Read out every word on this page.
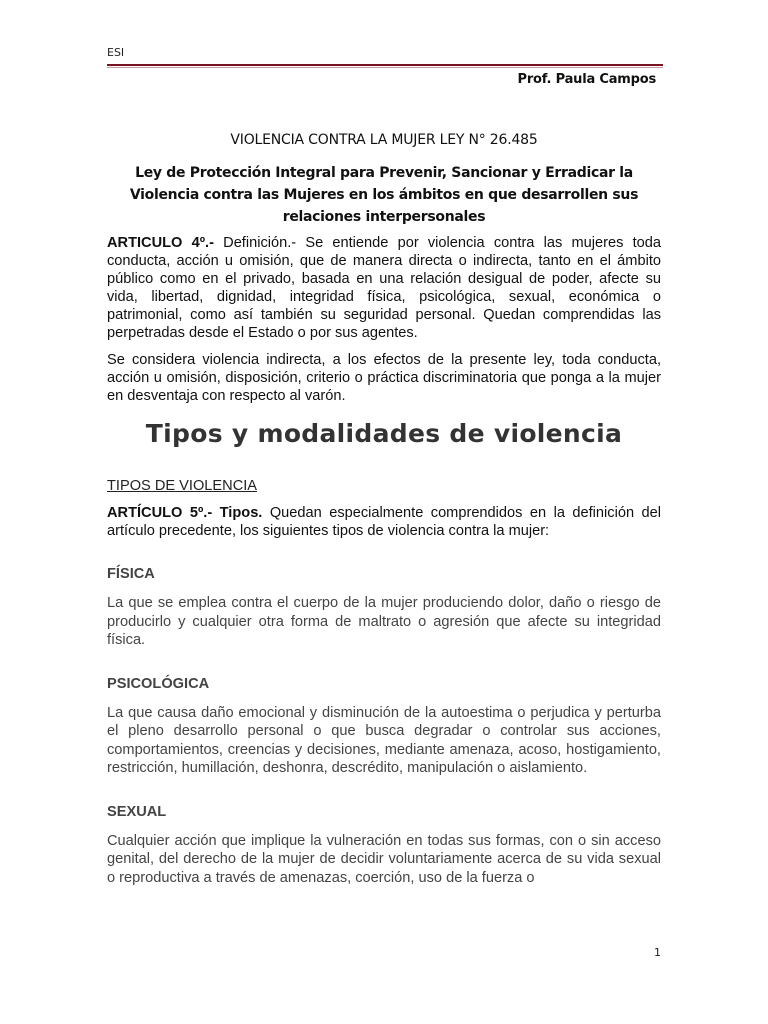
ESI
Prof. Paula Campos
VIOLENCIA CONTRA LA MUJER LEY N° 26.485
Ley de Protección Integral para Prevenir, Sancionar y Erradicar la Violencia contra las Mujeres en los ámbitos en que desarrollen sus relaciones interpersonales

ARTICULO 4º.- Definición.- Se entiende por violencia contra las mujeres toda conducta, acción u omisión, que de manera directa o indirecta, tanto en el ámbito público como en el privado, basada en una relación desigual de poder, afecte su vida, libertad, dignidad, integridad física, psicológica, sexual, económica o patrimonial, como así también su seguridad personal. Quedan comprendidas las perpetradas desde el Estado o por sus agentes.

Se considera violencia indirecta, a los efectos de la presente ley, toda conducta, acción u omisión, disposición, criterio o práctica discriminatoria que ponga a la mujer en desventaja con respecto al varón.

Tipos y modalidades de violencia
TIPOS DE VIOLENCIA

ARTÍCULO 5º.- Tipos. Quedan especialmente comprendidos en la definición del artículo precedente, los siguientes tipos de violencia contra la mujer:

FÍSICA

La que se emplea contra el cuerpo de la mujer produciendo dolor, daño o riesgo de producirlo y cualquier otra forma de maltrato o agresión que afecte su integridad física.

PSICOLÓGICA

La que causa daño emocional y disminución de la autoestima o perjudica y perturba el pleno desarrollo personal o que busca degradar o controlar sus acciones, comportamientos, creencias y decisiones, mediante amenaza, acoso, hostigamiento, restricción, humillación, deshonra, descrédito, manipulación o aislamiento.

SEXUAL

Cualquier acción que implique la vulneración en todas sus formas, con o sin acceso genital, del derecho de la mujer de decidir voluntariamente acerca de su vida sexual o reproductiva a través de amenazas, coerción, uso de la fuerza o

1
